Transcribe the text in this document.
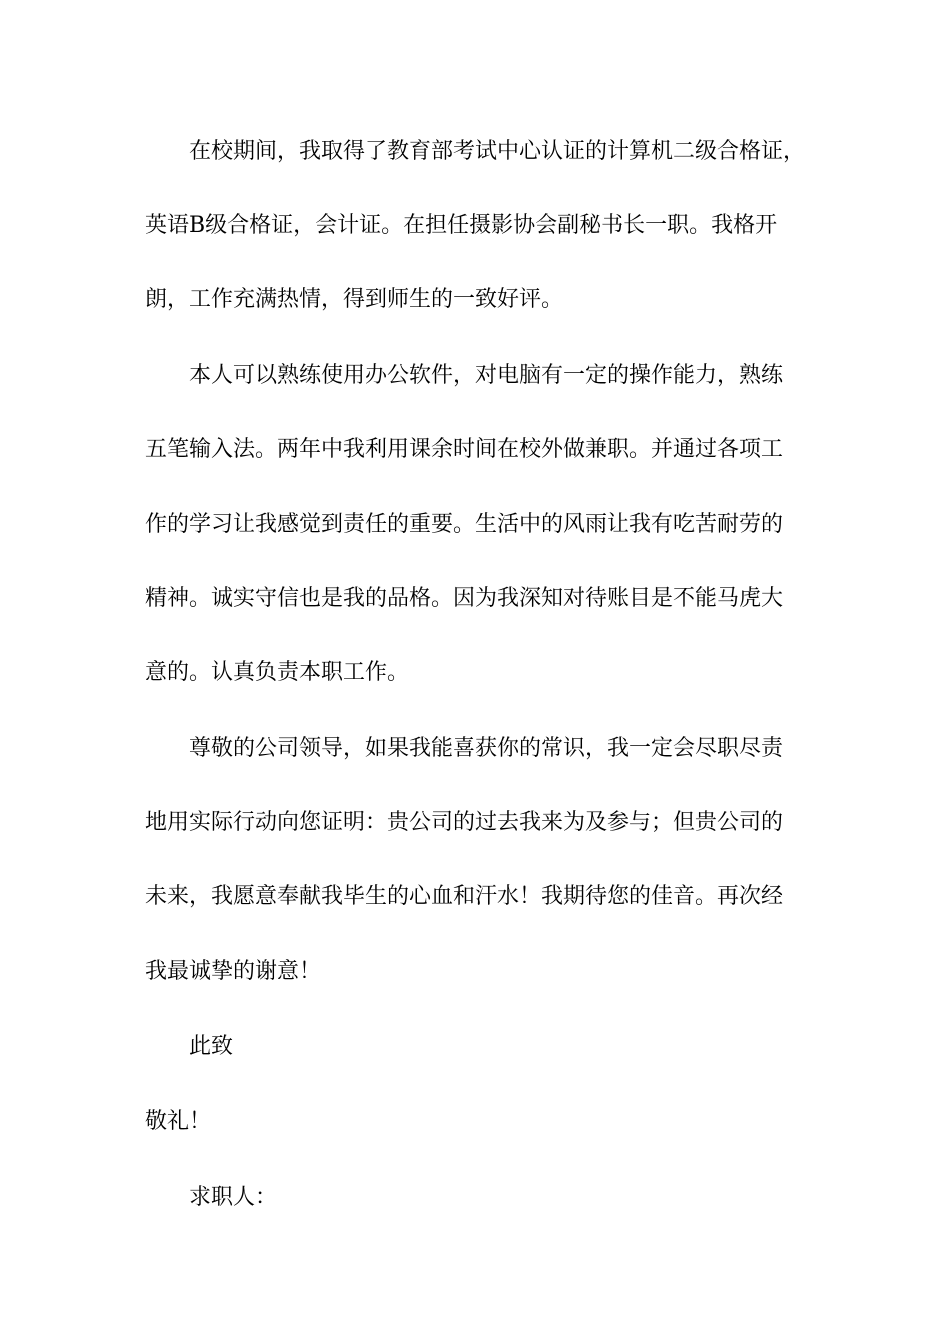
在校期间，我取得了教育部考试中心认证的计算机二级合格证，
英语B级合格证，会计证。在担任摄影协会副秘书长一职。我格开
朗，工作充满热情，得到师生的一致好评。
本人可以熟练使用办公软件，对电脑有一定的操作能力，熟练
五笔输入法。两年中我利用课余时间在校外做兼职。并通过各项工
作的学习让我感觉到责任的重要。生活中的风雨让我有吃苦耐劳的
精神。诚实守信也是我的品格。因为我深知对待账目是不能马虎大
意的。认真负责本职工作。
尊敬的公司领导，如果我能喜获你的常识，我一定会尽职尽责
地用实际行动向您证明：贵公司的过去我来为及参与；但贵公司的
未来，我愿意奉献我毕生的心血和汗水！我期待您的佳音。再次经
我最诚挚的谢意！
此致
敬礼！
求职人：
